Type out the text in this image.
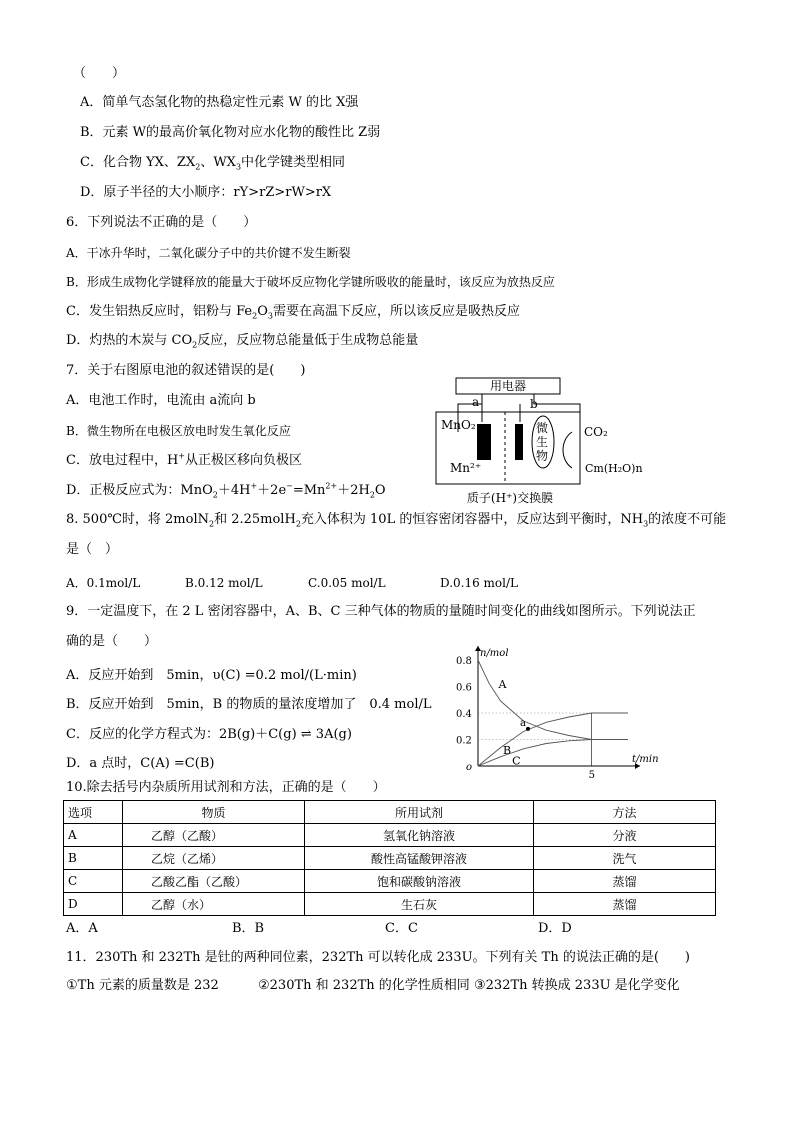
（　　）
A．简单气态氢化物的热稳定性元素 W 的比 X强
B．元素 W的最高价氧化物对应水化物的酸性比 Z弱
C．化合物 YX、$ZX_2$、$WX_3$中化学键类型相同
D．原子半径的大小顺序：rY>rZ>rW>rX
6．下列说法不正确的是（　　）
A．干冰升华时，二氧化碳分子中的共价键不发生断裂
B．形成生成物化学键释放的能量大于破坏反应物化学键所吸收的能量时，该反应为放热反应
C．发生铝热反应时，铝粉与 $Fe_2O_3$需要在高温下反应，所以该反应是吸热反应
D．灼热的木炭与 $CO_2$反应，反应物总能量低于生成物总能量
7．关于右图原电池的叙述错误的是(　　)
A．电池工作时，电流由 a流向 b
B．微生物所在电极区放电时发生氧化反应
C．放电过程中，H+从正极区移向负极区
D．正极反应式为：$MnO_2+4H^++2e^-=Mn^{2+}+2H_2O$
用电器
a	b
MnO₂
Mn²⁺
微
生
物
CO₂
Cm(H₂O)n
质子(H⁺)交换膜
8. 500℃时，将 2molN$_2$和 2.25molH$_2$充入体积为 10L 的恒容密闭容器中，反应达到平衡时，$NH_3$的浓度不可能
是（　）
A．0.1mol/L	B.0.12 mol/L	C.0.05 mol/L	D.0.16 mol/L
9．一定温度下，在 2 L 密闭容器中，A、B、C 三种气体的物质的量随时间变化的曲线如图所示。下列说法正
确的是（　　）
A．反应开始到　5min，υ(C) =0.2 mol/(L·min)
B．反应开始到　5min，B 的物质的量浓度增加了　0.4 mol/L
C．反应的化学方程式为：2B(g)＋C(g) ⇌ 3A(g)
D．a 点时，C(A) =C(B)
n/mol
t/min
o
0.8
0.6
0.4
0.2
5
A
B
C
a
10.除去括号内杂质所用试剂和方法，正确的是（　　）
选项	物质	所用试剂	方法
A	乙醇（乙酸）	氢氧化钠溶液	分液
B	乙烷（乙烯）	酸性高锰酸钾溶液	洗气
C	乙酸乙酯（乙酸）	饱和碳酸钠溶液	蒸馏
D	乙醇（水）	生石灰	蒸馏
A．A	B．B	C．C	D．D
11．230Th 和 232Th 是钍的两种同位素，232Th 可以转化成 233U。下列有关 Th 的说法正确的是(　　)
①Th 元素的质量数是 232	②230Th 和 232Th 的化学性质相同 ③232Th 转换成 233U 是化学变化
